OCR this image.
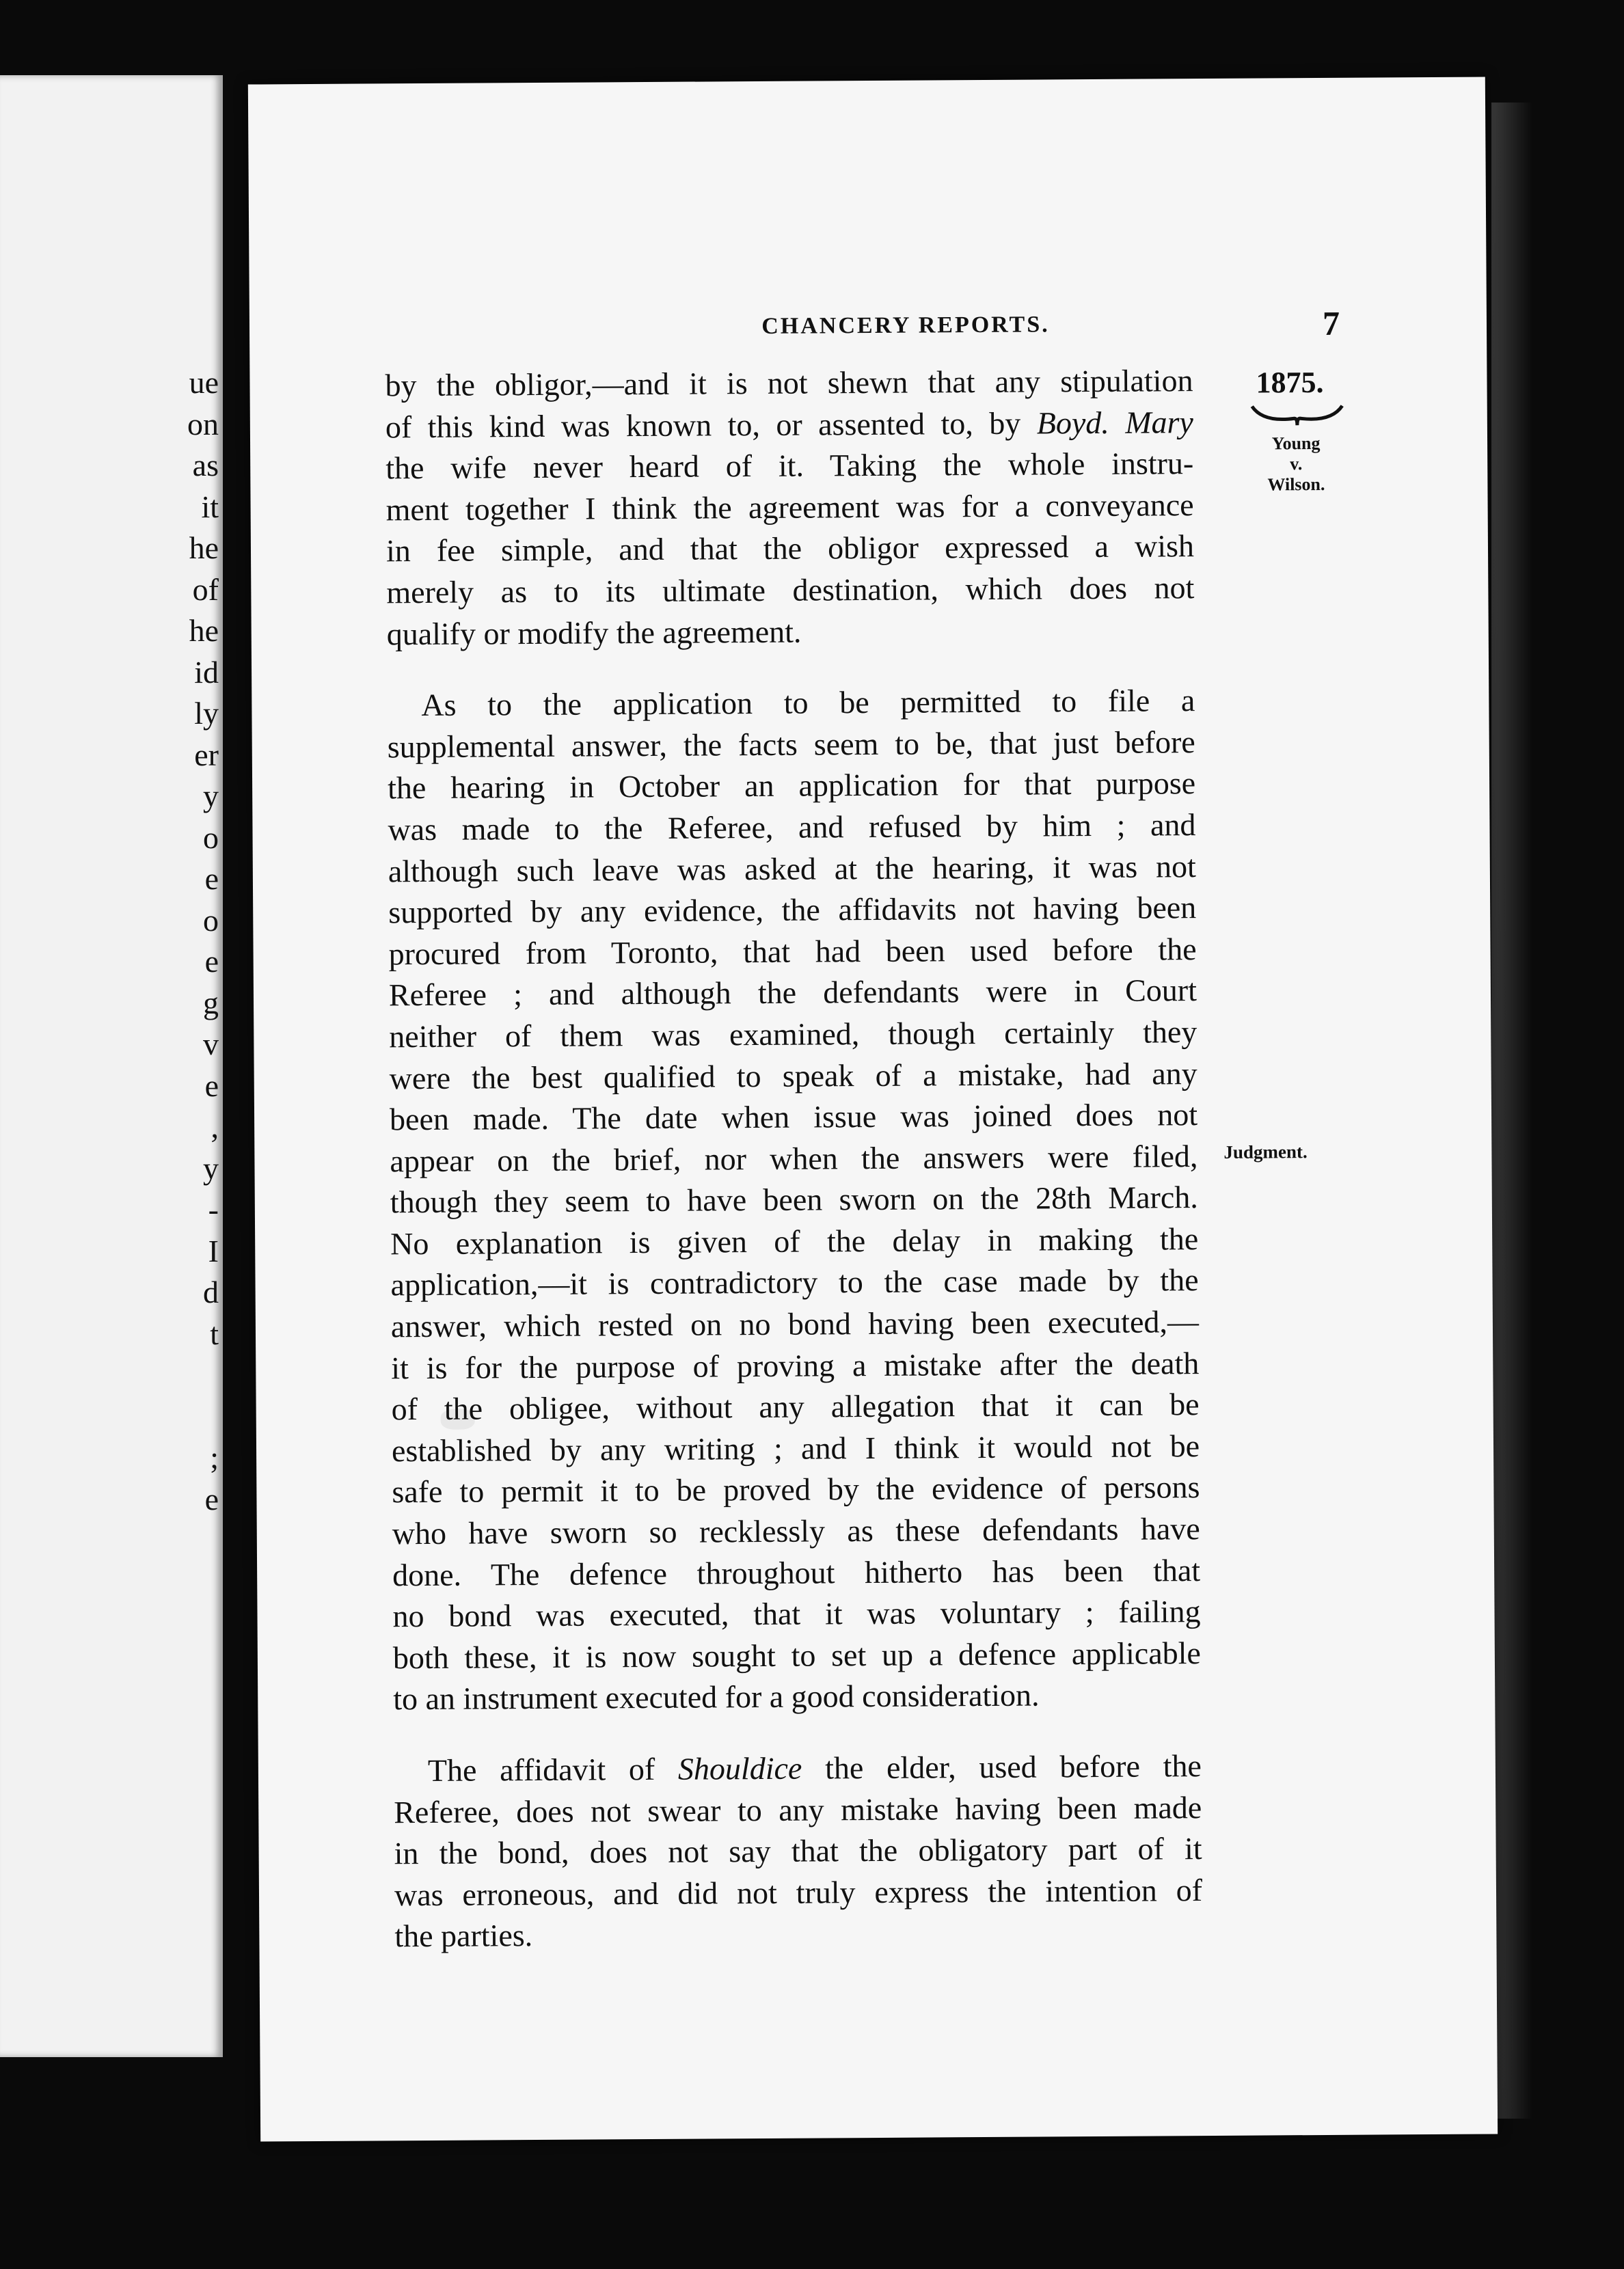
ue
on
as
it
he
of
he
id
ly
er
y
o
e
o
e
g
v
e
,
y
-
I
d
t
;
e
CHANCERY REPORTS.	7
1875.
Young
v.
Wilson.
Judgment.

by the obligor,—and it is not shewn that any stipulation

of this kind was known to, or assented to, by Boyd. Mary

the wife never heard of it. Taking the whole instru-

ment together I think the agreement was for a conveyance

in fee simple, and that the obligor expressed a wish

merely as to its ultimate destination, which does not

qualify or modify the agreement.

As to the application to be permitted to file a

supplemental answer, the facts seem to be, that just before

the hearing in October an application for that purpose

was made to the Referee, and refused by him ; and

although such leave was asked at the hearing, it was not

supported by any evidence, the affidavits not having been

procured from Toronto, that had been used before the

Referee ; and although the defendants were in Court

neither of them was examined, though certainly they

were the best qualified to speak of a mistake, had any

been made. The date when issue was joined does not

appear on the brief, nor when the answers were filed,

though they seem to have been sworn on the 28th March.

No explanation is given of the delay in making the

application,—it is contradictory to the case made by the

answer, which rested on no bond having been executed,—

it is for the purpose of proving a mistake after the death

of the obligee, without any allegation that it can be

established by any writing ; and I think it would not be

safe to permit it to be proved by the evidence of persons

who have sworn so recklessly as these defendants have

done. The defence throughout hitherto has been that

no bond was executed, that it was voluntary ; failing

both these, it is now sought to set up a defence applicable

to an instrument executed for a good consideration.

The affidavit of Shouldice the elder, used before the

Referee, does not swear to any mistake having been made

in the bond, does not say that the obligatory part of it

was erroneous, and did not truly express the intention of

the parties.
